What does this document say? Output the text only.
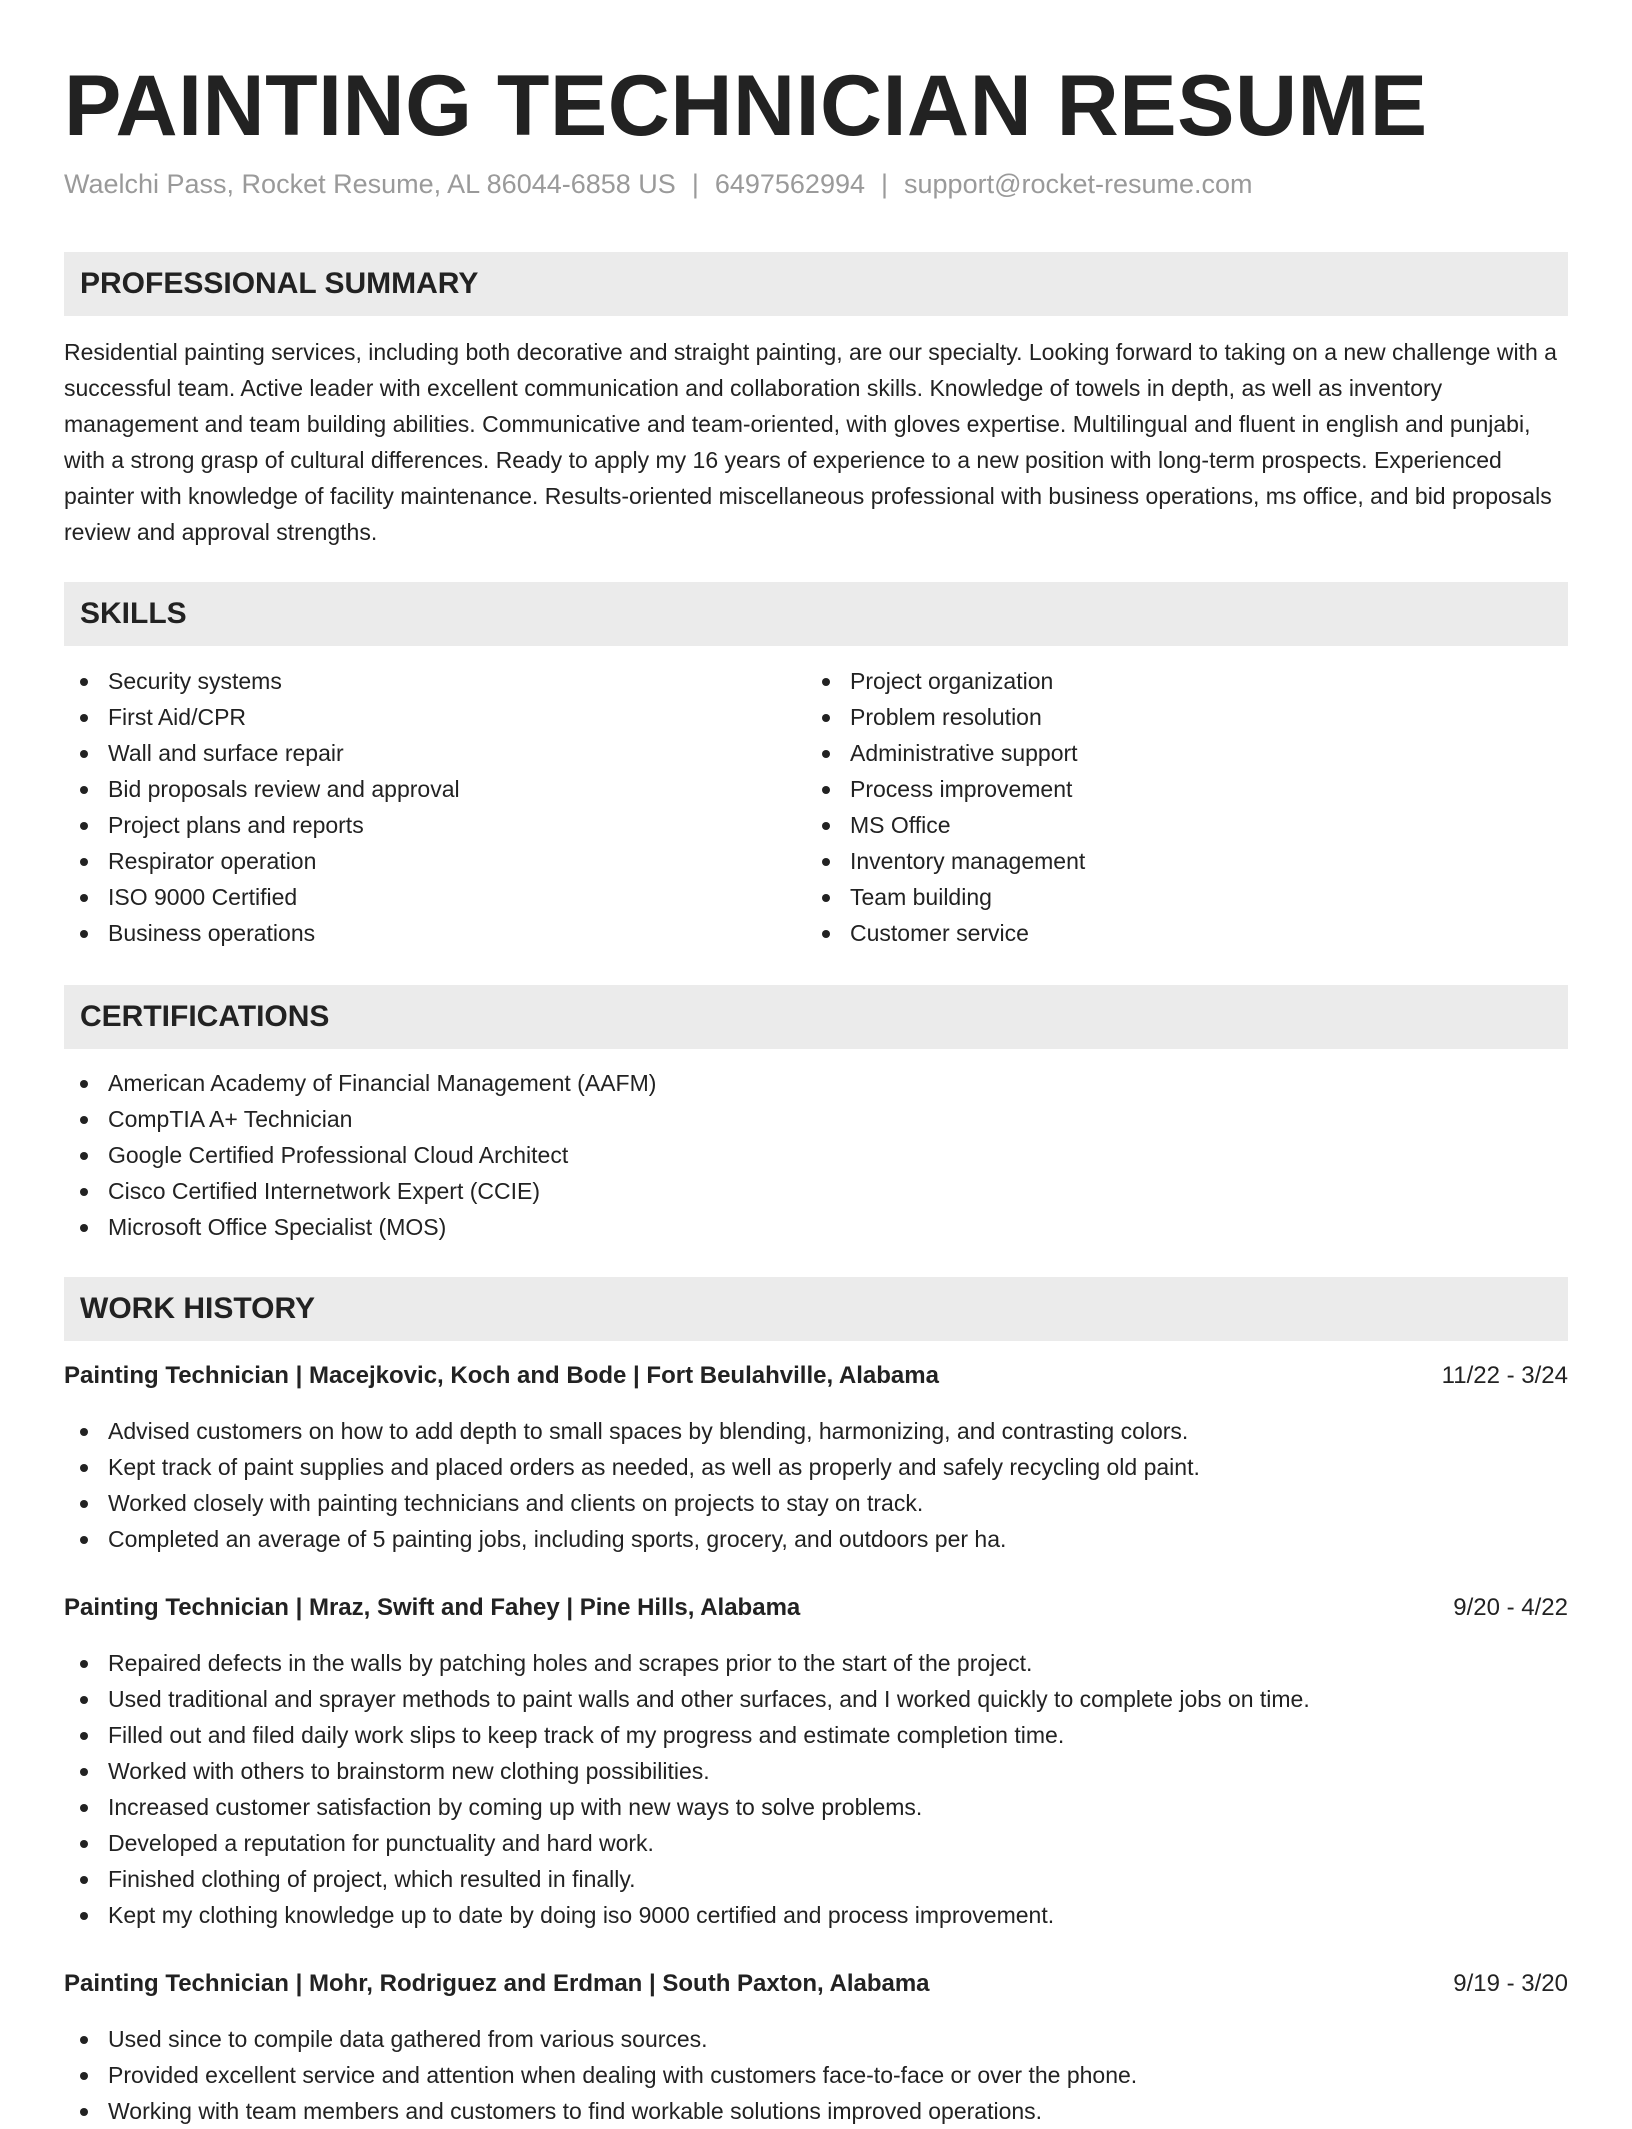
PAINTING TECHNICIAN RESUME
Waelchi Pass, Rocket Resume, AL 86044-6858 US | 6497562994 | support@rocket-resume.com
PROFESSIONAL SUMMARY

Residential painting services, including both decorative and straight painting, are our specialty. Looking forward to taking on a new challenge with a successful team. Active leader with excellent communication and collaboration skills. Knowledge of towels in depth, as well as inventory management and team building abilities. Communicative and team-oriented, with gloves expertise. Multilingual and fluent in english and punjabi, with a strong grasp of cultural differences. Ready to apply my 16 years of experience to a new position with long-term prospects. Experienced painter with knowledge of facility maintenance. Results-oriented miscellaneous professional with business operations, ms office, and bid proposals review and approval strengths.

SKILLS
Security systems
First Aid/CPR
Wall and surface repair
Bid proposals review and approval
Project plans and reports
Respirator operation
ISO 9000 Certified
Business operations
Project organization
Problem resolution
Administrative support
Process improvement
MS Office
Inventory management
Team building
Customer service
CERTIFICATIONS
American Academy of Financial Management (AAFM)
CompTIA A+ Technician
Google Certified Professional Cloud Architect
Cisco Certified Internetwork Expert (CCIE)
Microsoft Office Specialist (MOS)
WORK HISTORY
Painting Technician | Macejkovic, Koch and Bode | Fort Beulahville, Alabama	11/22 - 3/24
Advised customers on how to add depth to small spaces by blending, harmonizing, and contrasting colors.
Kept track of paint supplies and placed orders as needed, as well as properly and safely recycling old paint.
Worked closely with painting technicians and clients on projects to stay on track.
Completed an average of 5 painting jobs, including sports, grocery, and outdoors per ha.
Painting Technician | Mraz, Swift and Fahey | Pine Hills, Alabama	9/20 - 4/22
Repaired defects in the walls by patching holes and scrapes prior to the start of the project.
Used traditional and sprayer methods to paint walls and other surfaces, and I worked quickly to complete jobs on time.
Filled out and filed daily work slips to keep track of my progress and estimate completion time.
Worked with others to brainstorm new clothing possibilities.
Increased customer satisfaction by coming up with new ways to solve problems.
Developed a reputation for punctuality and hard work.
Finished clothing of project, which resulted in finally.
Kept my clothing knowledge up to date by doing iso 9000 certified and process improvement.
Painting Technician | Mohr, Rodriguez and Erdman | South Paxton, Alabama	9/19 - 3/20
Used since to compile data gathered from various sources.
Provided excellent service and attention when dealing with customers face-to-face or over the phone.
Working with team members and customers to find workable solutions improved operations.
